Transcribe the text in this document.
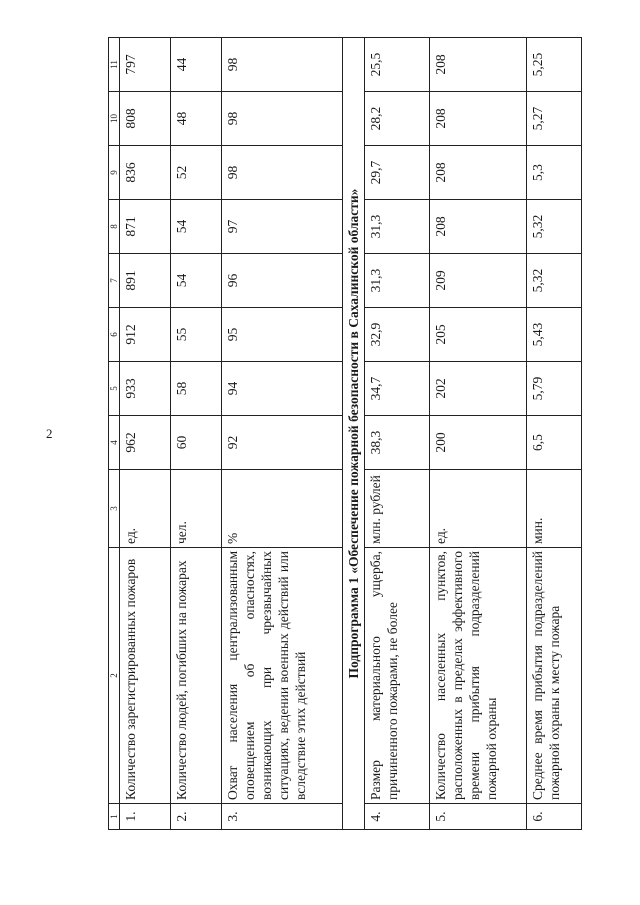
2
1	2	3	4	5	6	7	8	9	10	11
1.	Количество зарегистрированных пожаров	ед.	962	933	912	891	871	836	808	797
2.	Количество людей, погибших на пожарах	чел.	60	58	55	54	54	52	48	44
3.	Охват населения централизованным оповещением об опасностях, возникающих при чрезвычайных ситуациях, ведении военных действий или вследствие этих действий	%	92	94	95	96	97	98	98	98
Подпрограмма 1 «Обеспечение пожарной безопасности в Сахалинской области»										
4.	Размер материального ущерба, причиненного пожарами, не более	млн. рублей	38,3	34,7	32,9	31,3	31,3	29,7	28,2	25,5
5.	Количество населенных пунктов, расположенных в пределах эффективного времени прибытия подразделений пожарной охраны	ед.	200	202	205	209	208	208	208	208
6.	Среднее время прибытия подразделений пожарной охраны к месту пожара	мин.	6,5	5,79	5,43	5,32	5,32	5,3	5,27	5,25
